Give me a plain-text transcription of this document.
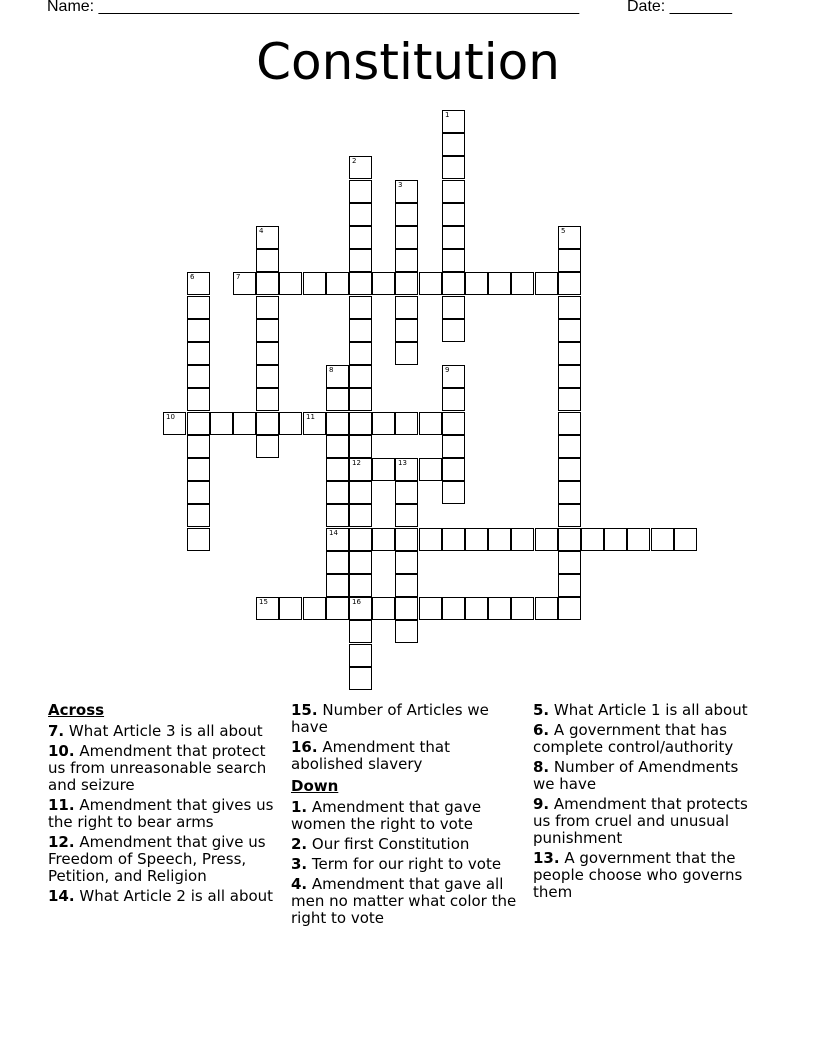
Name: ______________________________________________________	Date: _______
Constitution
1
2
12
16
3
4	5
6	7
8
14
9
10	11
13
15
Across
7. What Article 3 is all about
10. Amendment that protect us from unreasonable search and seizure
11. Amendment that gives us the right to bear arms
12. Amendment that give us Freedom of Speech, Press, Petition, and Religion
14. What Article 2 is all about
15. Number of Articles we have
16. Amendment that abolished slavery
Down
1. Amendment that gave women the right to vote
2. Our first Constitution
3. Term for our right to vote
4. Amendment that gave all men no matter what color the right to vote
5. What Article 1 is all about
6. A government that has complete control/authority
8. Number of Amendments we have
9. Amendment that protects us from cruel and unusual punishment
13. A government that the people choose who governs them
